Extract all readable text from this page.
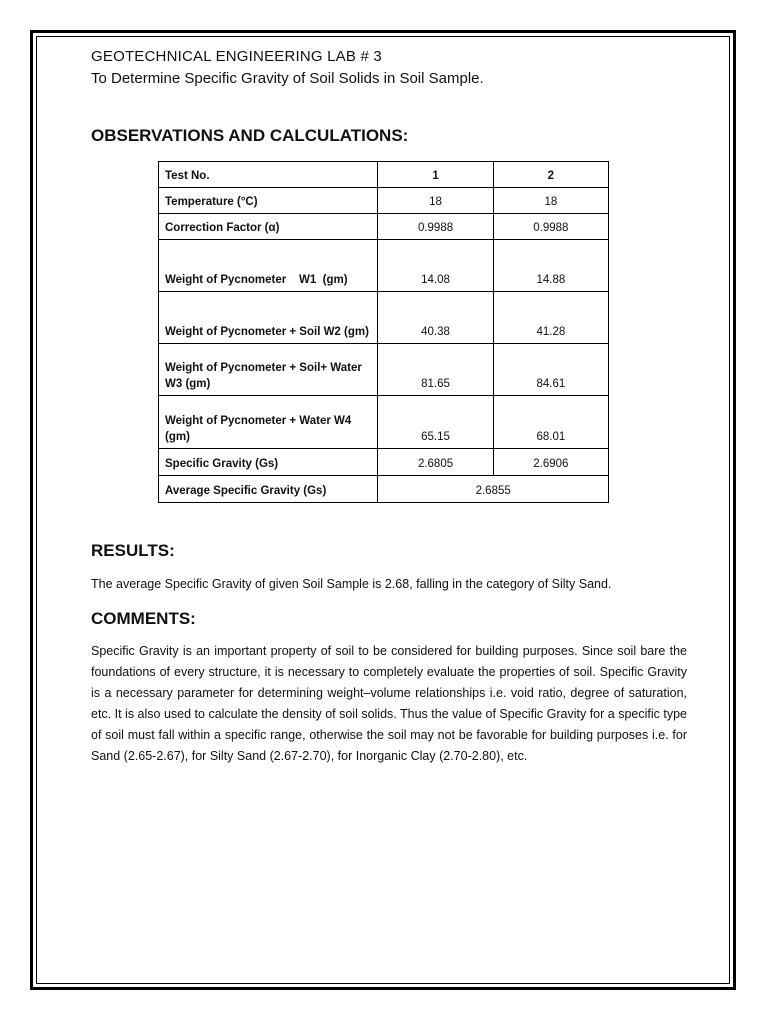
GEOTECHNICAL ENGINEERING LAB # 3
To Determine Specific Gravity of Soil Solids in Soil Sample.
OBSERVATIONS AND CALCULATIONS:
Test No.	1	2
Temperature (°C)	18	18
Correction Factor (α)	0.9988	0.9988
Weight of Pycnometer    W1  (gm)	14.08	14.88
Weight of Pycnometer + Soil W2 (gm)	40.38	41.28
Weight of Pycnometer + Soil+ Water W3 (gm)	81.65	84.61
Weight of Pycnometer + Water W4 (gm)	65.15	68.01
Specific Gravity (Gs)	2.6805	2.6906
Average Specific Gravity (Gs)	2.6855	
RESULTS:
The average Specific Gravity of given Soil Sample is 2.68, falling in the category of Silty Sand.
COMMENTS:
Specific Gravity is an important property of soil to be considered for building purposes. Since soil bare the foundations of every structure, it is necessary to completely evaluate the properties of soil. Specific Gravity is a necessary parameter for determining weight–volume relationships i.e. void ratio, degree of saturation, etc. It is also used to calculate the density of soil solids. Thus the value of Specific Gravity for a specific type of soil must fall within a specific range, otherwise the soil may not be favorable for building purposes i.e. for Sand (2.65-2.67), for Silty Sand (2.67-2.70), for Inorganic Clay (2.70-2.80), etc.
